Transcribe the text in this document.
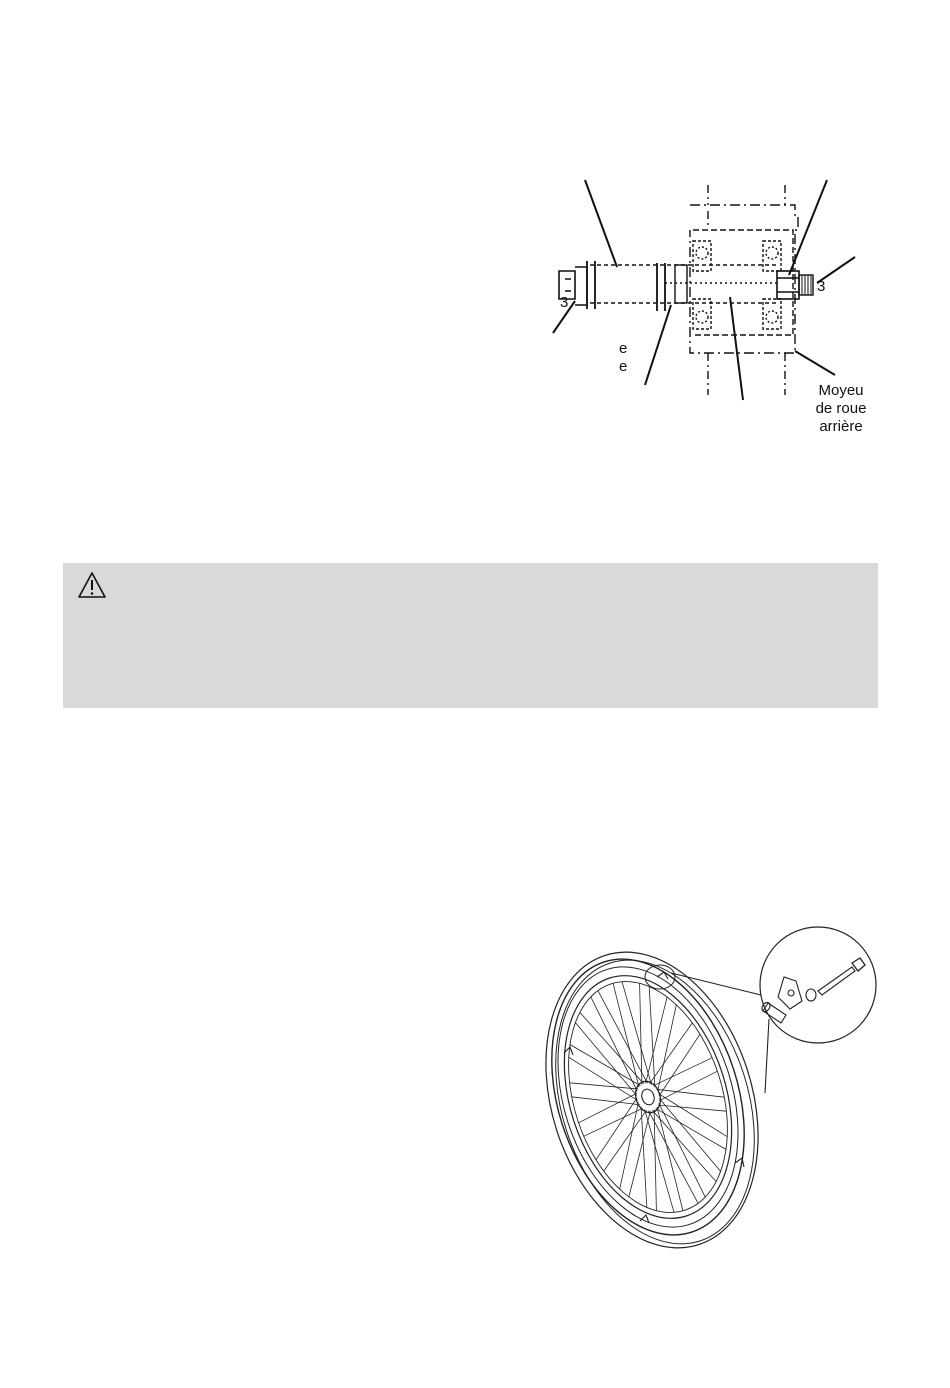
e
e
3
3
Moyeu
de roue
arrière
